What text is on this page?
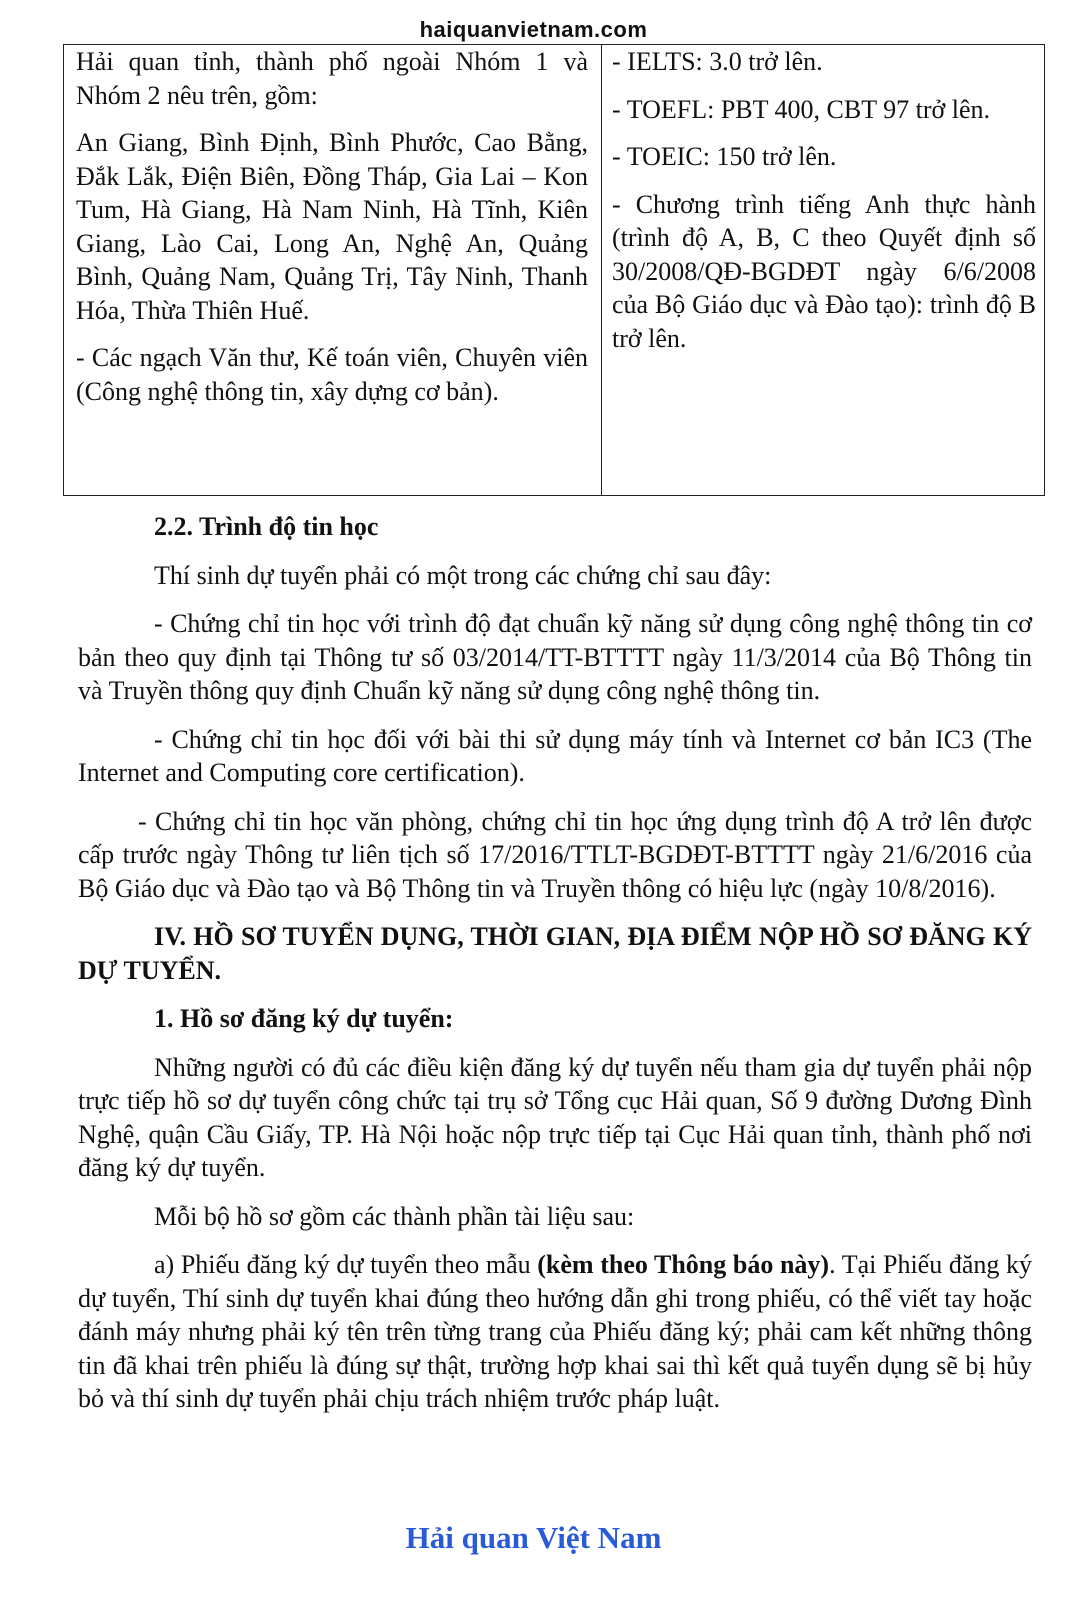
haiquanvietnam.com

Hải quan tỉnh, thành phố ngoài Nhóm 1 và Nhóm 2 nêu trên, gồm:

An Giang, Bình Định, Bình Phước, Cao Bằng, Đắk Lắk, Điện Biên, Đồng Tháp, Gia Lai – Kon Tum, Hà Giang, Hà Nam Ninh, Hà Tĩnh, Kiên Giang, Lào Cai, Long An, Nghệ An, Quảng Bình, Quảng Nam, Quảng Trị, Tây Ninh, Thanh Hóa, Thừa Thiên Huế.

- Các ngạch Văn thư, Kế toán viên, Chuyên viên (Công nghệ thông tin, xây dựng cơ bản).

- IELTS: 3.0 trở lên.

- TOEFL: PBT 400, CBT 97 trở lên.

- TOEIC: 150 trở lên.

- Chương trình tiếng Anh thực hành (trình độ A, B, C theo Quyết định số 30/2008/QĐ-BGDĐT ngày 6/6/2008 của Bộ Giáo dục và Đào tạo): trình độ B trở lên.

2.2. Trình độ tin học

Thí sinh dự tuyển phải có một trong các chứng chỉ sau đây:

- Chứng chỉ tin học với trình độ đạt chuẩn kỹ năng sử dụng công nghệ thông tin cơ bản theo quy định tại Thông tư số 03/2014/TT-BTTTT ngày 11/3/2014 của Bộ Thông tin và Truyền thông quy định Chuẩn kỹ năng sử dụng công nghệ thông tin.

- Chứng chỉ tin học đối với bài thi sử dụng máy tính và Internet cơ bản IC3 (The Internet and Computing core certification).

- Chứng chỉ tin học văn phòng, chứng chỉ tin học ứng dụng trình độ A trở lên được cấp trước ngày Thông tư liên tịch số 17/2016/TTLT-BGDĐT-BTTTT ngày 21/6/2016 của Bộ Giáo dục và Đào tạo và Bộ Thông tin và Truyền thông có hiệu lực (ngày 10/8/2016).

IV. HỒ SƠ TUYỂN DỤNG, THỜI GIAN, ĐỊA ĐIỂM NỘP HỒ SƠ ĐĂNG KÝ DỰ TUYỂN.

1. Hồ sơ đăng ký dự tuyển:

Những người có đủ các điều kiện đăng ký dự tuyển nếu tham gia dự tuyển phải nộp trực tiếp hồ sơ dự tuyển công chức tại trụ sở Tổng cục Hải quan, Số 9 đường Dương Đình Nghệ, quận Cầu Giấy, TP. Hà Nội hoặc nộp trực tiếp tại Cục Hải quan tỉnh, thành phố nơi đăng ký dự tuyển.

Mỗi bộ hồ sơ gồm các thành phần tài liệu sau:

a) Phiếu đăng ký dự tuyển theo mẫu (kèm theo Thông báo này). Tại Phiếu đăng ký dự tuyển, Thí sinh dự tuyển khai đúng theo hướng dẫn ghi trong phiếu, có thể viết tay hoặc đánh máy nhưng phải ký tên trên từng trang của Phiếu đăng ký; phải cam kết những thông tin đã khai trên phiếu là đúng sự thật, trường hợp khai sai thì kết quả tuyển dụng sẽ bị hủy bỏ và thí sinh dự tuyển phải chịu trách nhiệm trước pháp luật.

Hải quan Việt Nam
